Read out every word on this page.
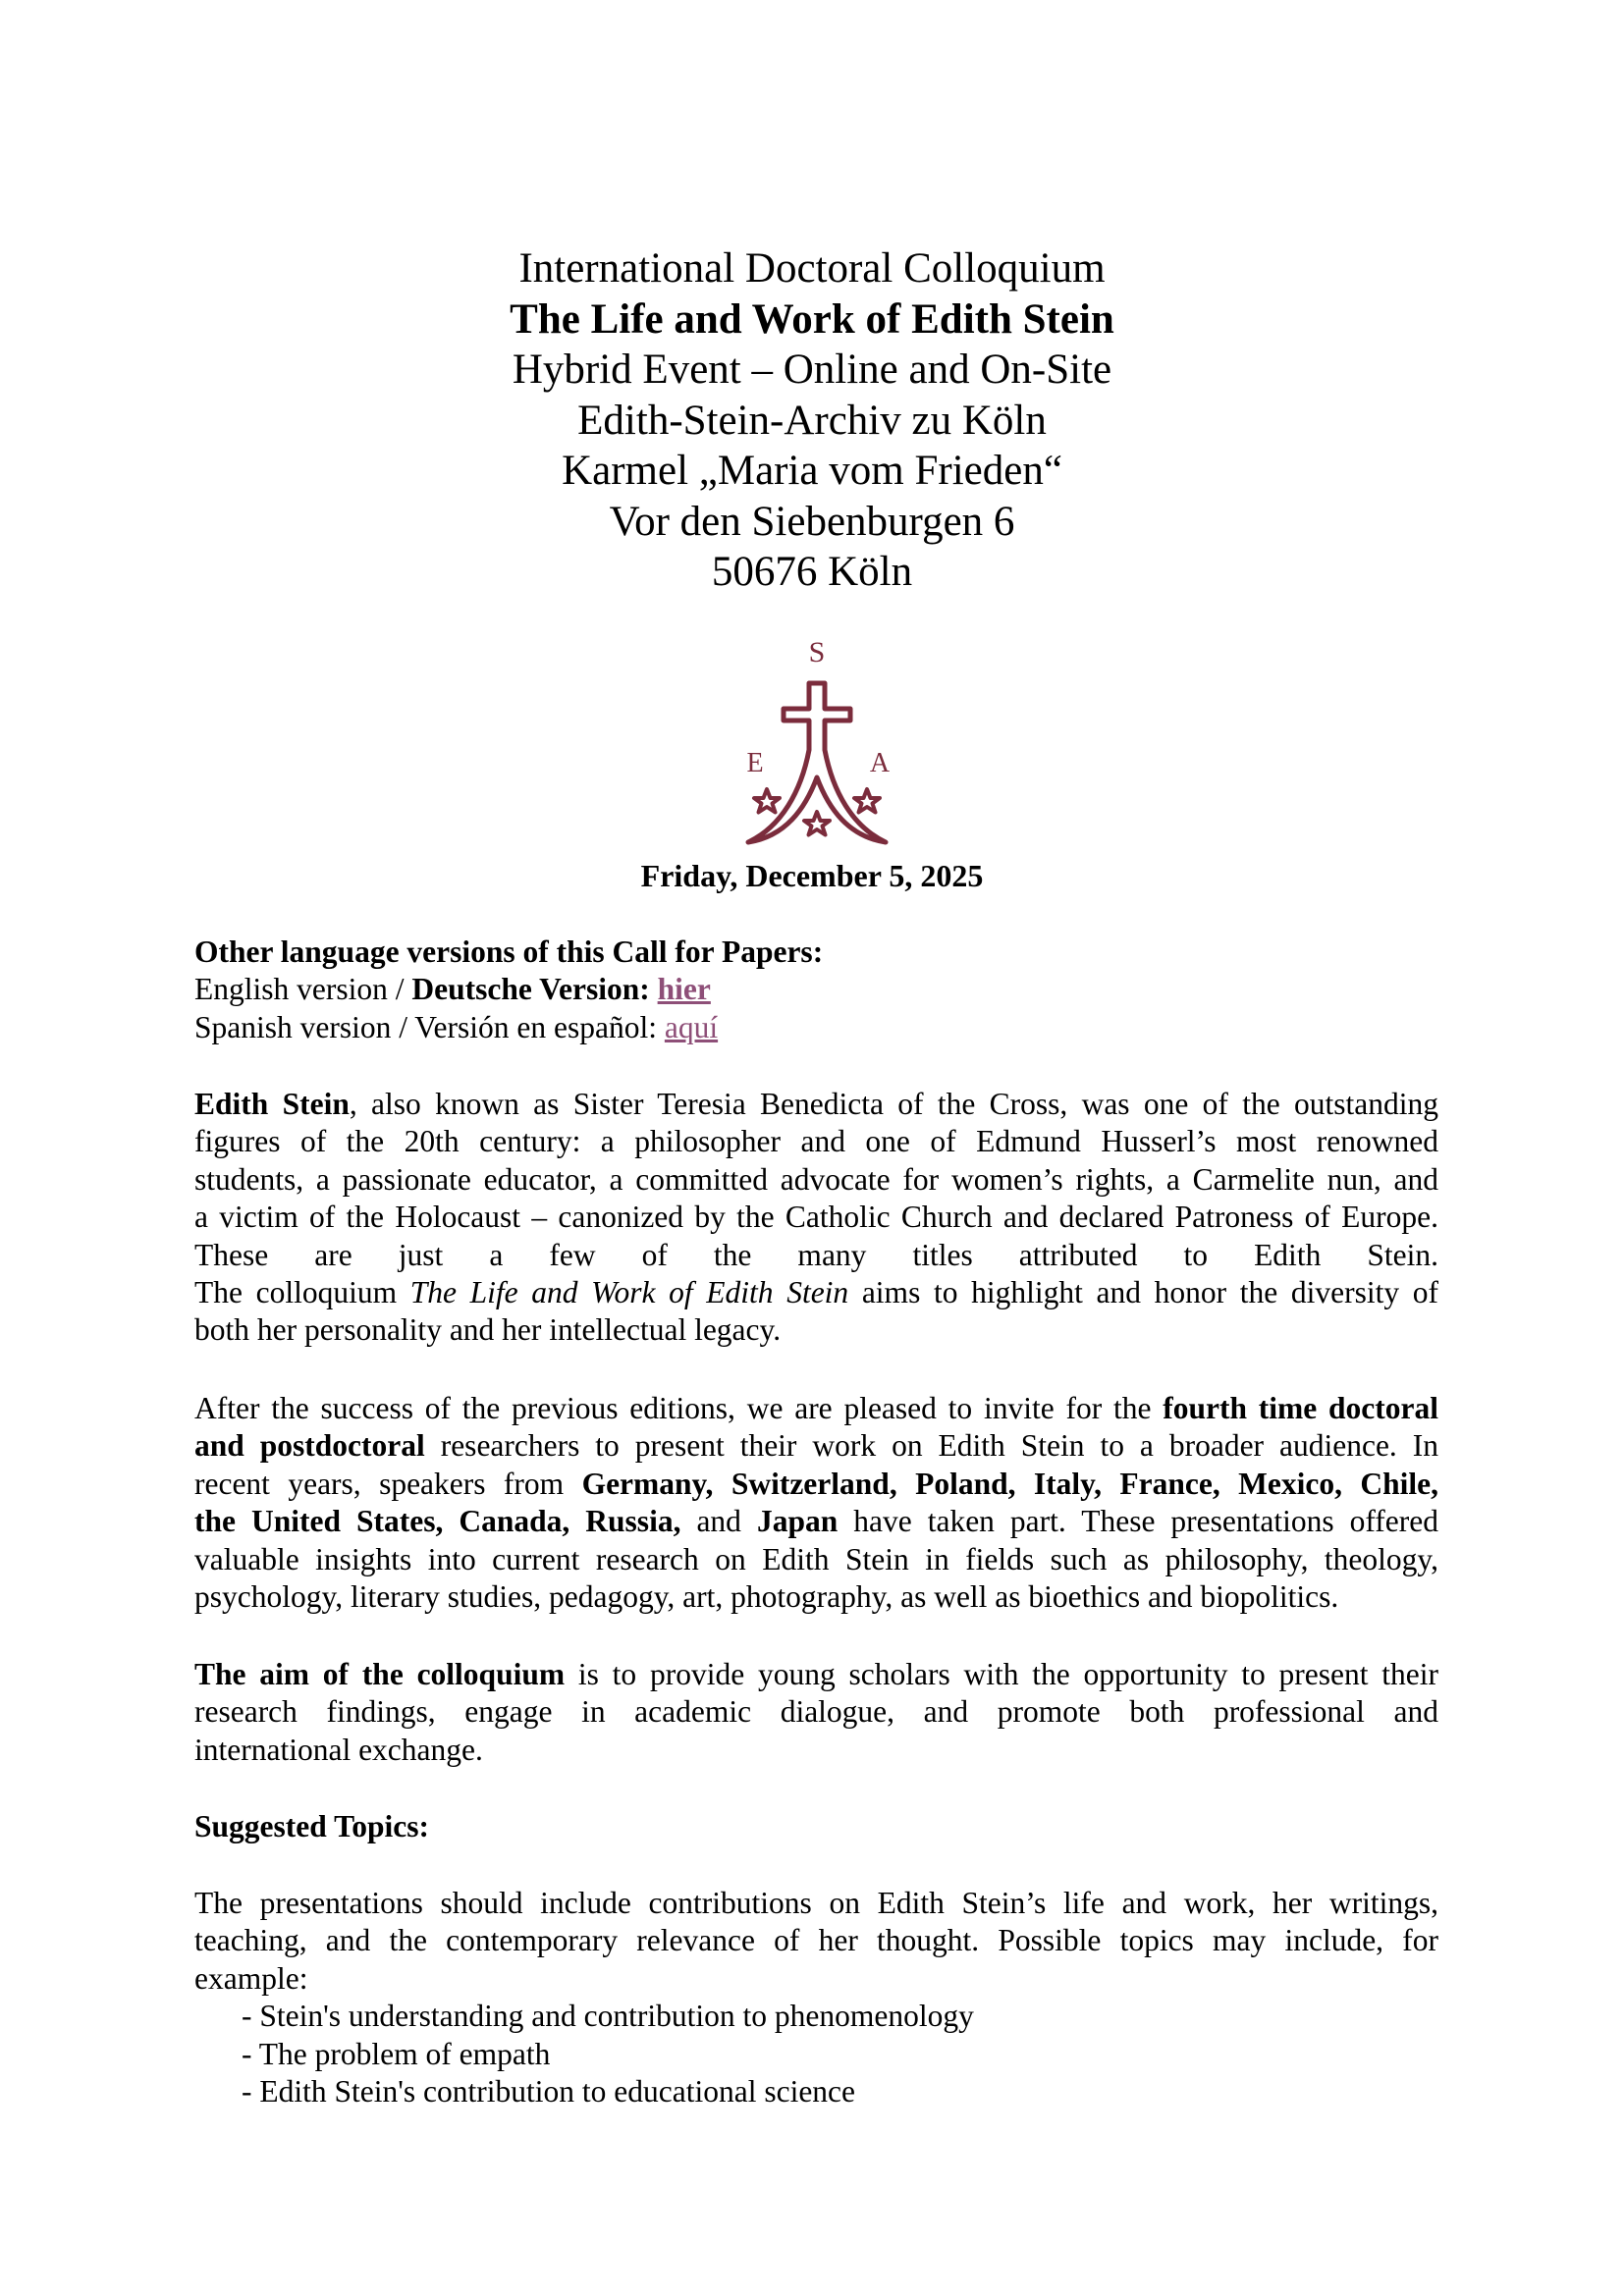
International Doctoral Colloquium
The Life and Work of Edith Stein
Hybrid Event – Online and On-Site
Edith-Stein-Archiv zu Köln
Karmel „Maria vom Frieden“
Vor den Siebenburgen 6
50676 Köln
S
E	A
Friday, December 5, 2025
Other language versions of this Call for Papers:
English version / Deutsche Version: hier
Spanish version / Versión en español: aquí
Edith Stein, also known as Sister Teresia Benedicta of the Cross, was one of the outstanding
figures of the 20th century: a philosopher and one of Edmund Husserl’s most renowned
students, a passionate educator, a committed advocate for women’s rights, a Carmelite nun, and
a victim of the Holocaust – canonized by the Catholic Church and declared Patroness of Europe.
These are just a few of the many titles attributed to Edith Stein.
The colloquium The Life and Work of Edith Stein aims to highlight and honor the diversity of
both her personality and her intellectual legacy.
After the success of the previous editions, we are pleased to invite for the fourth time doctoral
and postdoctoral researchers to present their work on Edith Stein to a broader audience. In
recent years, speakers from Germany, Switzerland, Poland, Italy, France, Mexico, Chile,
the United States, Canada, Russia, and Japan have taken part. These presentations offered
valuable insights into current research on Edith Stein in fields such as philosophy, theology,
psychology, literary studies, pedagogy, art, photography, as well as bioethics and biopolitics.
The aim of the colloquium is to provide young scholars with the opportunity to present their
research findings, engage in academic dialogue, and promote both professional and
international exchange.
Suggested Topics:
The presentations should include contributions on Edith Stein’s life and work, her writings,
teaching, and the contemporary relevance of her thought. Possible topics may include, for
example:
- Stein's understanding and contribution to phenomenology
- The problem of empath
- Edith Stein's contribution to educational science
